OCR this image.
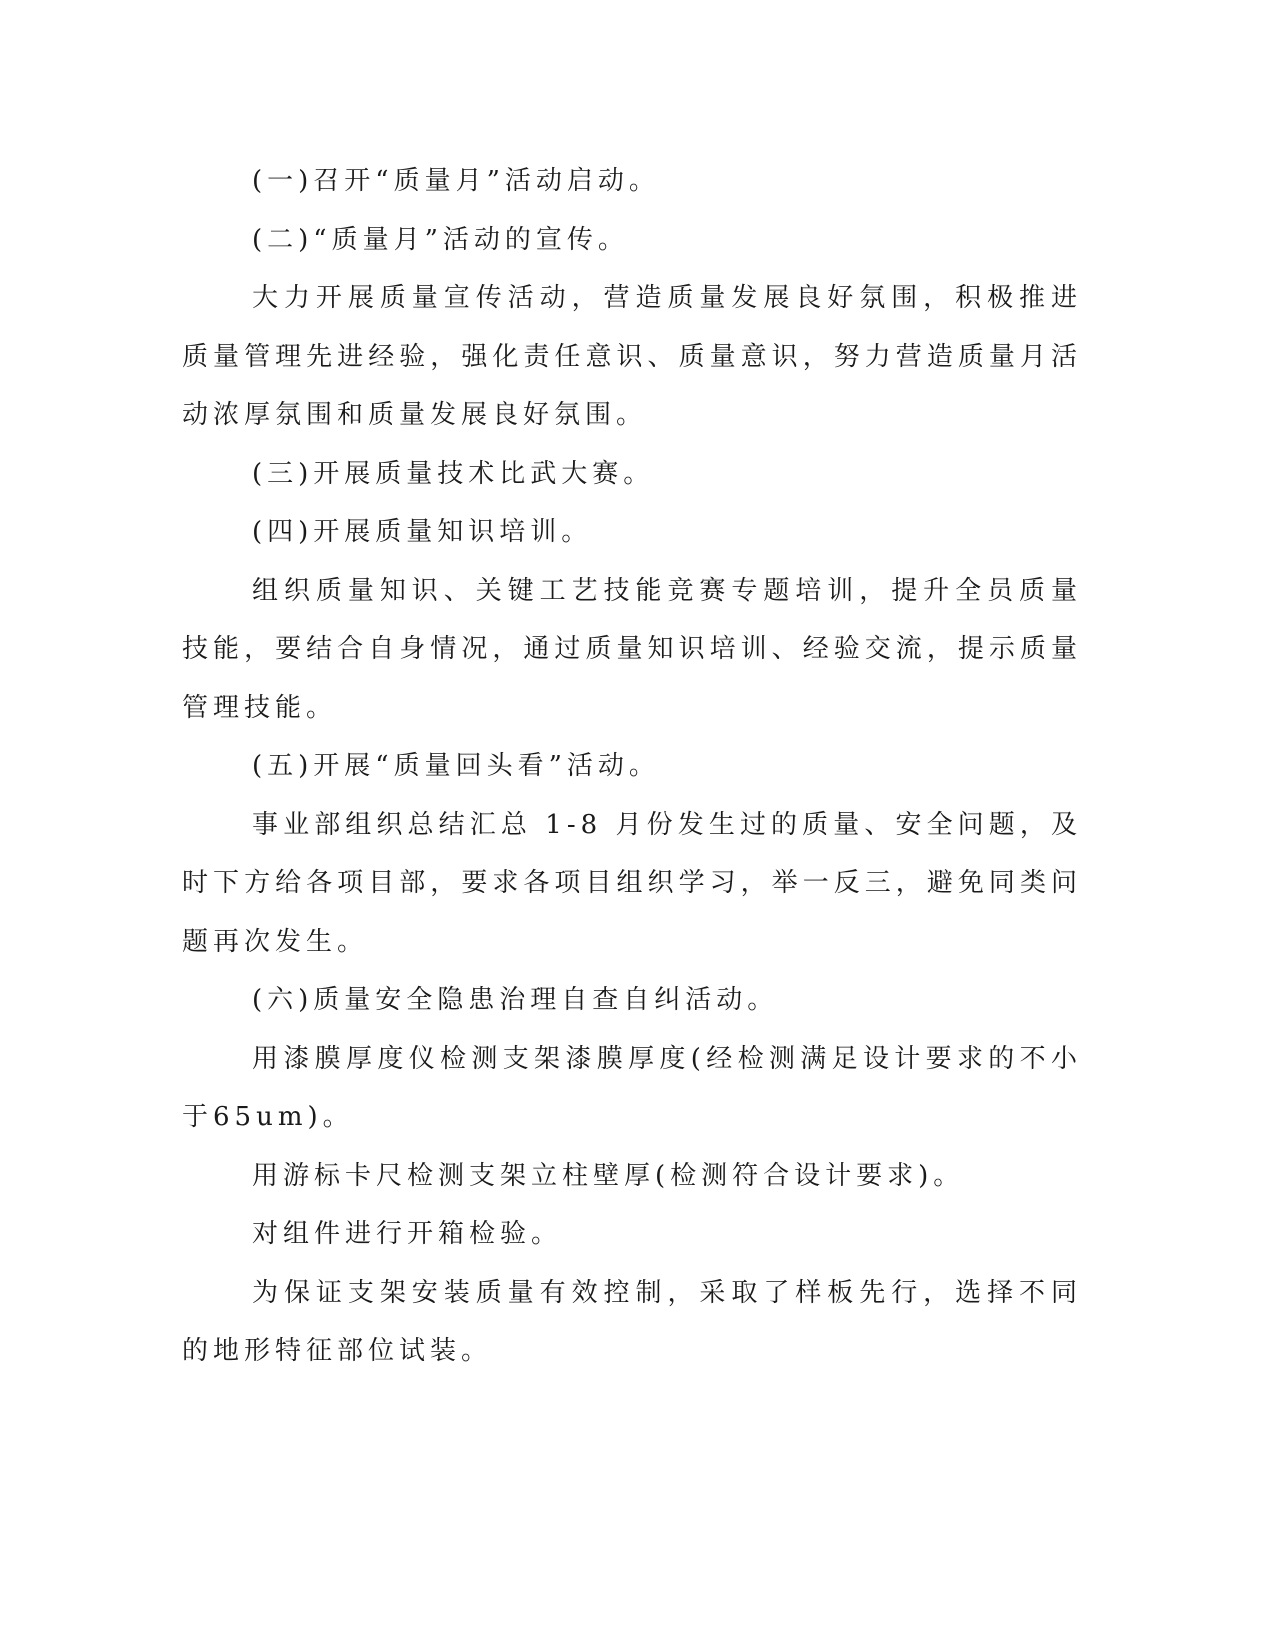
(一)召开“质量月”活动启动。

(二)“质量月”活动的宣传。

大力开展质量宣传活动，营造质量发展良好氛围，积极推进质量管理先进经验，强化责任意识、质量意识，努力营造质量月活动浓厚氛围和质量发展良好氛围。

(三)开展质量技术比武大赛。

(四)开展质量知识培训。

组织质量知识、关键工艺技能竞赛专题培训，提升全员质量技能，要结合自身情况，通过质量知识培训、经验交流，提示质量管理技能。

(五)开展“质量回头看”活动。

事业部组织总结汇总 1-8 月份发生过的质量、安全问题，及时下方给各项目部，要求各项目组织学习，举一反三，避免同类问题再次发生。

(六)质量安全隐患治理自查自纠活动。

用漆膜厚度仪检测支架漆膜厚度(经检测满足设计要求的不小于65um)。

用游标卡尺检测支架立柱壁厚(检测符合设计要求)。

对组件进行开箱检验。

为保证支架安装质量有效控制，采取了样板先行，选择不同的地形特征部位试装。
